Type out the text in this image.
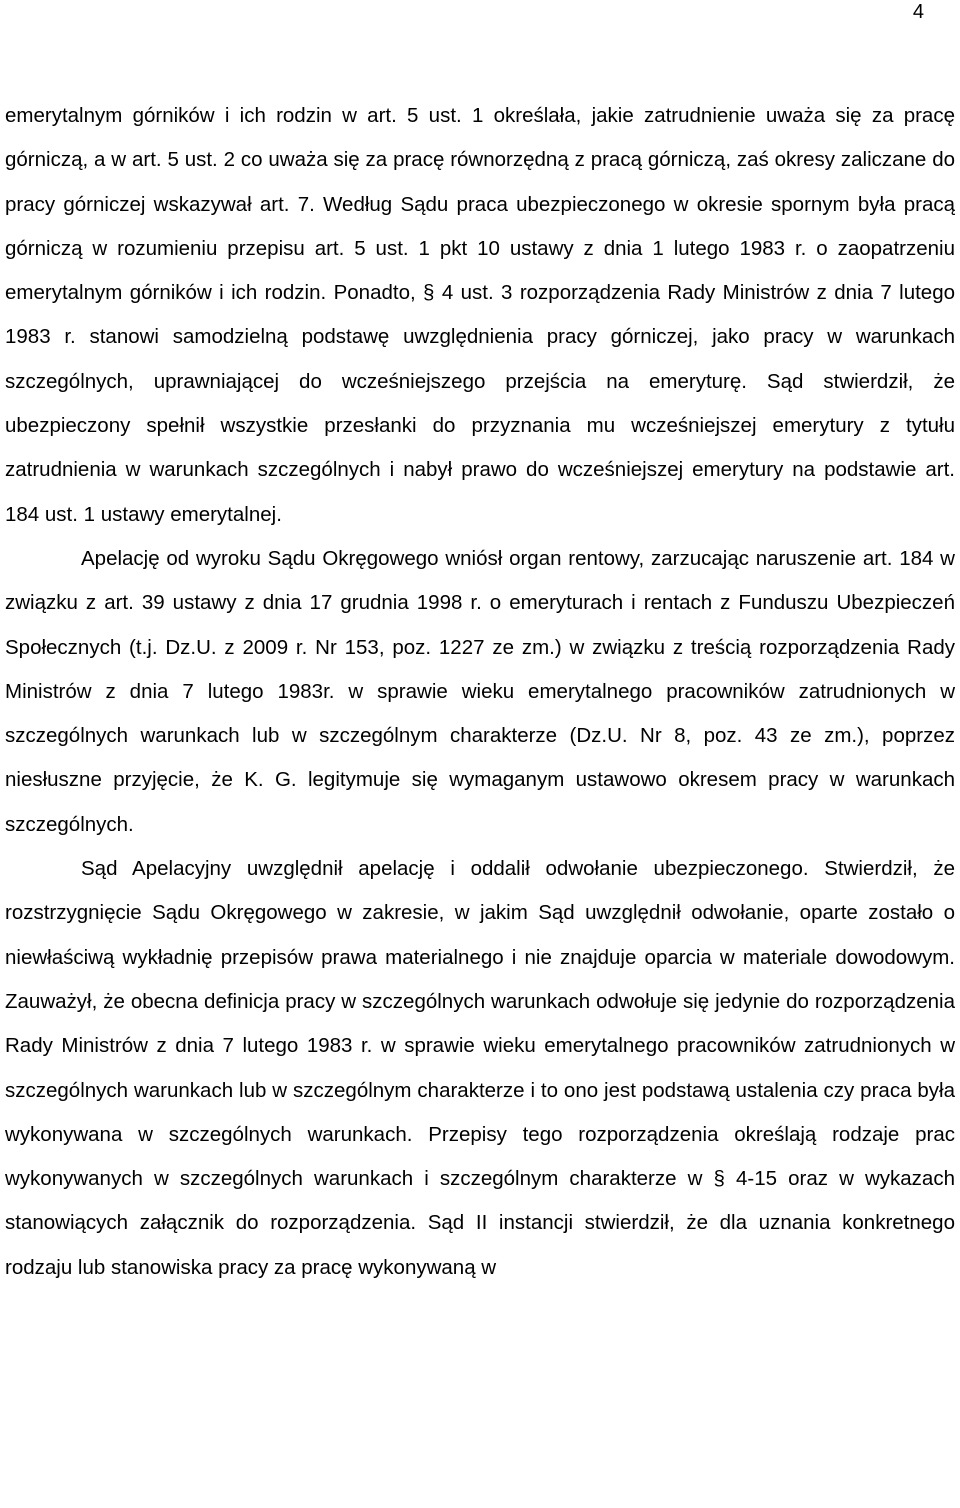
4

emerytalnym górników i ich rodzin w art. 5 ust. 1 określała, jakie zatrudnienie uważa się za pracę górniczą, a w art. 5 ust. 2 co uważa się za pracę równorzędną z pracą górniczą, zaś okresy zaliczane do pracy górniczej wskazywał art. 7. Według Sądu praca ubezpieczonego w okresie spornym była pracą górniczą w rozumieniu przepisu art. 5 ust. 1 pkt 10 ustawy z dnia 1 lutego 1983 r. o zaopatrzeniu emerytalnym górników i ich rodzin. Ponadto, § 4 ust. 3 rozporządzenia Rady Ministrów z dnia 7 lutego 1983 r. stanowi samodzielną podstawę uwzględnienia pracy górniczej, jako pracy w warunkach szczególnych, uprawniającej do wcześniejszego przejścia na emeryturę. Sąd stwierdził, że ubezpieczony spełnił wszystkie przesłanki do przyznania mu wcześniejszej emerytury z tytułu zatrudnienia w warunkach szczególnych i nabył prawo do wcześniejszej emerytury na podstawie art. 184 ust. 1 ustawy emerytalnej.

Apelację od wyroku Sądu Okręgowego wniósł organ rentowy, zarzucając naruszenie art. 184 w związku z art. 39 ustawy z dnia 17 grudnia 1998 r. o emeryturach i rentach z Funduszu Ubezpieczeń Społecznych (t.j. Dz.U. z 2009 r. Nr 153, poz. 1227 ze zm.) w związku z treścią rozporządzenia Rady Ministrów z dnia 7 lutego 1983r. w sprawie wieku emerytalnego pracowników zatrudnionych w szczególnych warunkach lub w szczególnym charakterze (Dz.U. Nr 8, poz. 43 ze zm.), poprzez niesłuszne przyjęcie, że K. G. legitymuje się wymaganym ustawowo okresem pracy w warunkach szczególnych.

Sąd Apelacyjny uwzględnił apelację i oddalił odwołanie ubezpieczonego. Stwierdził, że rozstrzygnięcie Sądu Okręgowego w zakresie, w jakim Sąd uwzględnił odwołanie, oparte zostało o niewłaściwą wykładnię przepisów prawa materialnego i nie znajduje oparcia w materiale dowodowym. Zauważył, że obecna definicja pracy w szczególnych warunkach odwołuje się jedynie do rozporządzenia Rady Ministrów z dnia 7 lutego 1983 r. w sprawie wieku emerytalnego pracowników zatrudnionych w szczególnych warunkach lub w szczególnym charakterze i to ono jest podstawą ustalenia czy praca była wykonywana w szczególnych warunkach. Przepisy tego rozporządzenia określają rodzaje prac wykonywanych w szczególnych warunkach i szczególnym charakterze w § 4-15 oraz w wykazach stanowiących załącznik do rozporządzenia. Sąd II instancji stwierdził, że dla uznania konkretnego rodzaju lub stanowiska pracy za pracę wykonywaną w
